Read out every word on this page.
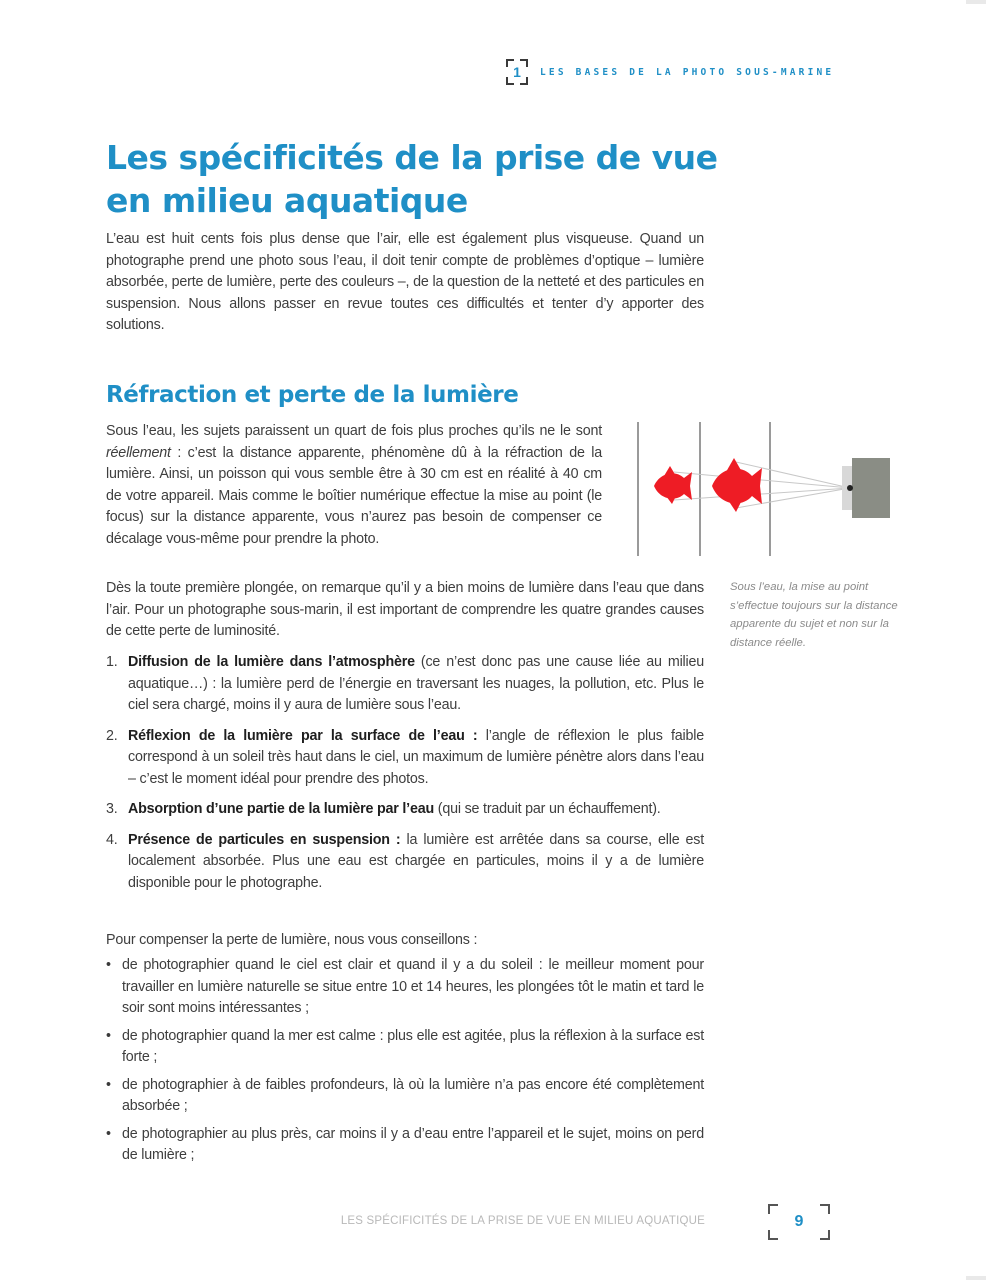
1 LES BASES DE LA PHOTO SOUS-MARINE
Les spécificités de la prise de vue
en milieu aquatique

L’eau est huit cents fois plus dense que l’air, elle est également plus visqueuse. Quand un photographe prend une photo sous l’eau, il doit tenir compte de problèmes d’optique – lumière absorbée, perte de lumière, perte des couleurs –, de la question de la netteté et des particules en suspension. Nous allons passer en revue toutes ces difficultés et tenter d’y apporter des solutions.

Réfraction et perte de la lumière

Sous l’eau, les sujets paraissent un quart de fois plus proches qu’ils ne le sont réellement : c’est la distance apparente, phénomène dû à la réfraction de la lumière. Ainsi, un poisson qui vous semble être à 30 cm est en réalité à 40 cm de votre appareil. Mais comme le boîtier numérique effectue la mise au point (le focus) sur la distance apparente, vous n’aurez pas besoin de compenser ce décalage vous-même pour prendre la photo.

Dès la toute première plongée, on remarque qu’il y a bien moins de lumière dans l’eau que dans l’air. Pour un photographe sous-marin, il est important de comprendre les quatre grandes causes de cette perte de luminosité.

Sous l’eau, la mise au point s’effectue toujours sur la distance apparente du sujet et non sur la distance réelle.

1. Diffusion de la lumière dans l’atmosphère (ce n’est donc pas une cause liée au milieu aquatique…) : la lumière perd de l’énergie en traversant les nuages, la pollution, etc. Plus le ciel sera chargé, moins il y aura de lumière sous l’eau.
2. Réflexion de la lumière par la surface de l’eau : l’angle de réflexion le plus faible correspond à un soleil très haut dans le ciel, un maximum de lumière pénètre alors dans l’eau – c’est le moment idéal pour prendre des photos.
3. Absorption d’une partie de la lumière par l’eau (qui se traduit par un échauffement).
4. Présence de particules en suspension : la lumière est arrêtée dans sa course, elle est localement absorbée. Plus une eau est chargée en particules, moins il y a de lumière disponible pour le photographe.

Pour compenser la perte de lumière, nous vous conseillons :

• de photographier quand le ciel est clair et quand il y a du soleil : le meilleur moment pour travailler en lumière naturelle se situe entre 10 et 14 heures, les plongées tôt le matin et tard le soir sont moins intéressantes ;
• de photographier quand la mer est calme : plus elle est agitée, plus la réflexion à la surface est forte ;
• de photographier à de faibles profondeurs, là où la lumière n’a pas encore été complètement absorbée ;
• de photographier au plus près, car moins il y a d’eau entre l’appareil et le sujet, moins on perd de lumière ;
LES SPÉCIFICITÉS DE LA PRISE DE VUE EN MILIEU AQUATIQUE	9
